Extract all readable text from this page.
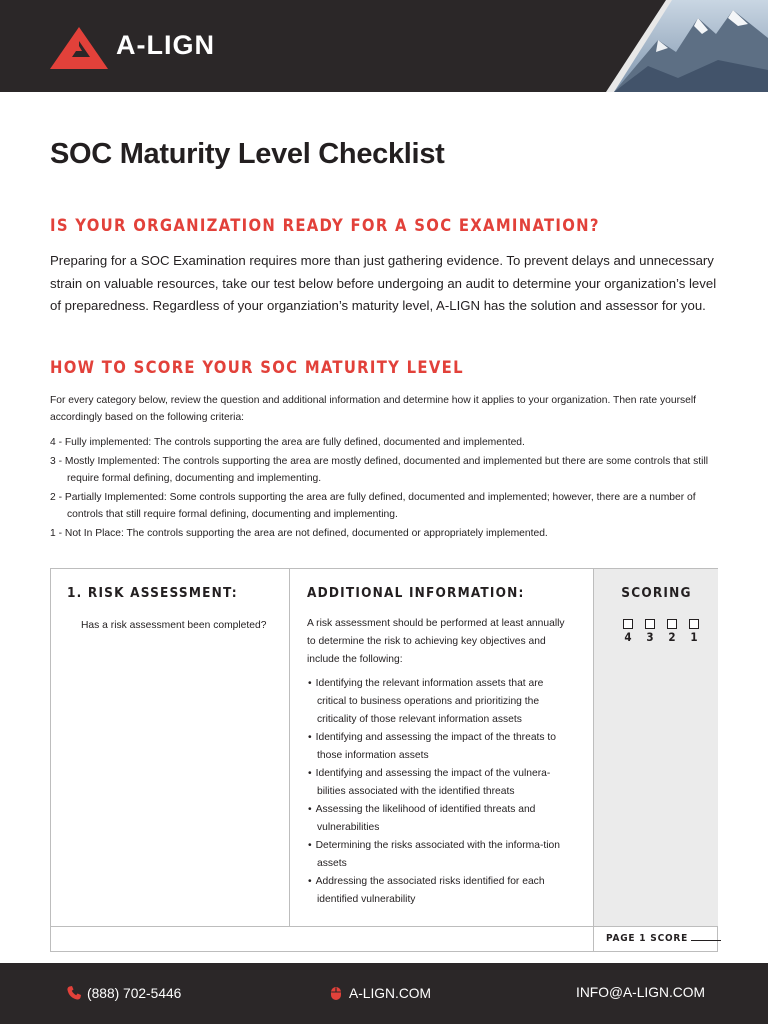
A-LIGN
SOC Maturity Level Checklist
IS YOUR ORGANIZATION READY FOR A SOC EXAMINATION?

Preparing for a SOC Examination requires more than just gathering evidence. To prevent delays and unnecessary strain on valuable resources, take our test below before undergoing an audit to determine your organization’s level of preparedness. Regardless of your organziation’s maturity level, A-LIGN has the solution and assessor for you.

HOW TO SCORE YOUR SOC MATURITY LEVEL

For every category below, review the question and additional information and determine how it applies to your organization. Then rate yourself accordingly based on the following criteria:

4 - Fully implemented: The controls supporting the area are fully defined, documented and implemented.
3 - Mostly Implemented: The controls supporting the area are mostly defined, documented and implemented but there are some controls that still require formal defining, documenting and implementing.
2 - Partially Implemented: Some controls supporting the area are fully defined, documented and implemented; however, there are a number of controls that still require formal defining, documenting and implementing.
1 - Not In Place: The controls supporting the area are not defined, documented or appropriately implemented.
1. RISK ASSESSMENT:
Has a risk assessment been completed?
ADDITIONAL INFORMATION:

A risk assessment should be performed at least annually to determine the risk to achieving key objectives and include the following:

• Identifying the relevant information assets that are critical to business operations and prioritizing the criticality of those relevant information assets
• Identifying and assessing the impact of the threats to those information assets
• Identifying and assessing the impact of the vulnera-bilities associated with the identified threats
• Assessing the likelihood of identified threats and vulnerabilities
• Determining the risks associated with the informa-tion assets
• Addressing the associated risks identified for each identified vulnerability
SCORING
4 3 2 1
PAGE 1 SCORE
(888) 702-5446	A-LIGN.COM	INFO@A-LIGN.COM
